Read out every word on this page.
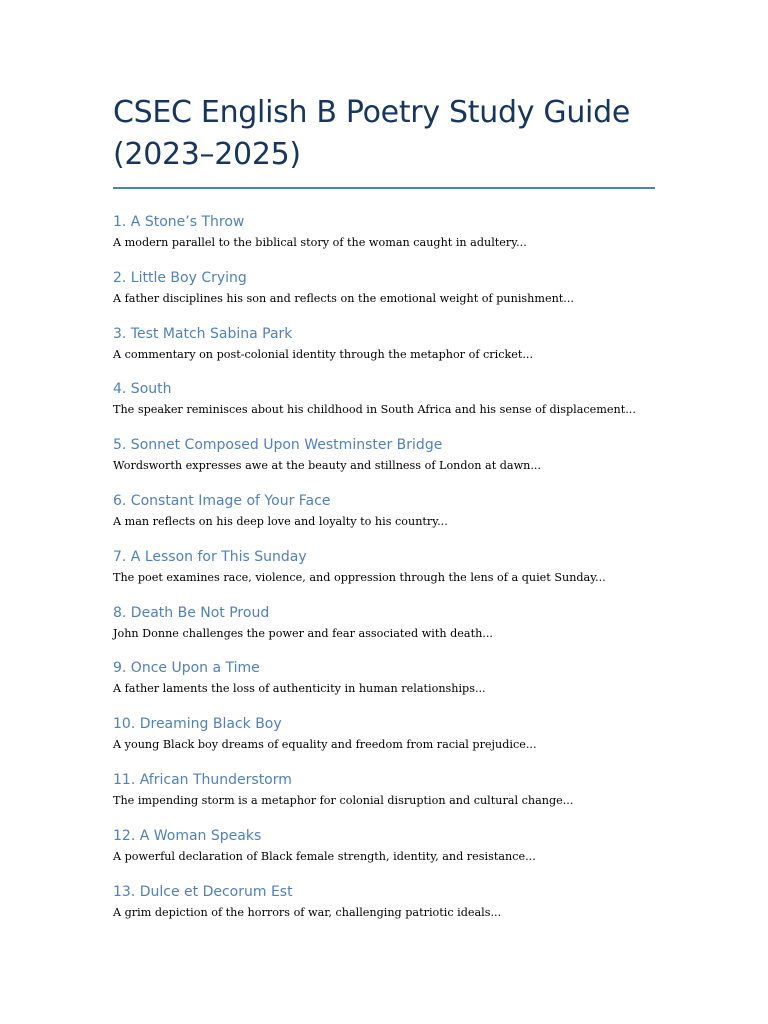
CSEC English B Poetry Study Guide (2023–2025)
1. A Stone’s Throw

A modern parallel to the biblical story of the woman caught in adultery...

2. Little Boy Crying

A father disciplines his son and reflects on the emotional weight of punishment...

3. Test Match Sabina Park

A commentary on post-colonial identity through the metaphor of cricket...

4. South

The speaker reminisces about his childhood in South Africa and his sense of displacement...

5. Sonnet Composed Upon Westminster Bridge

Wordsworth expresses awe at the beauty and stillness of London at dawn...

6. Constant Image of Your Face

A man reflects on his deep love and loyalty to his country...

7. A Lesson for This Sunday

The poet examines race, violence, and oppression through the lens of a quiet Sunday...

8. Death Be Not Proud

John Donne challenges the power and fear associated with death...

9. Once Upon a Time

A father laments the loss of authenticity in human relationships...

10. Dreaming Black Boy

A young Black boy dreams of equality and freedom from racial prejudice...

11. African Thunderstorm

The impending storm is a metaphor for colonial disruption and cultural change...

12. A Woman Speaks

A powerful declaration of Black female strength, identity, and resistance...

13. Dulce et Decorum Est

A grim depiction of the horrors of war, challenging patriotic ideals...
